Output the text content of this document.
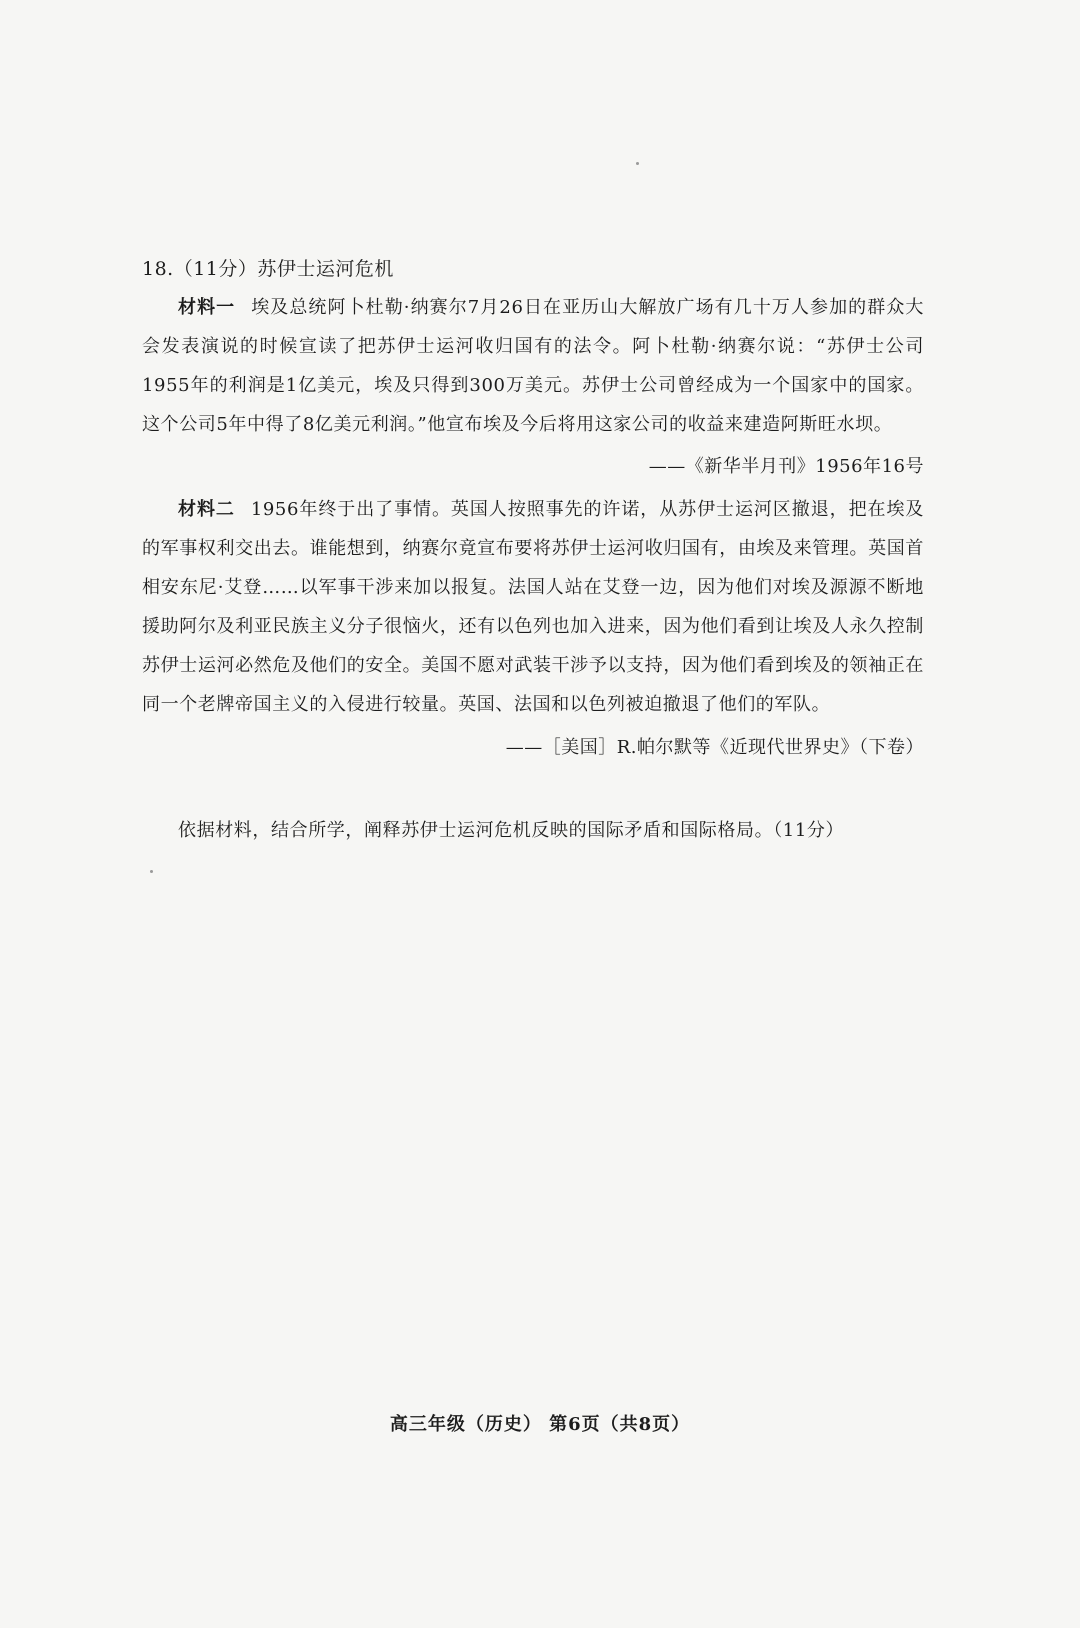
18.（11分）苏伊士运河危机
材料一 埃及总统阿卜杜勒·纳赛尔7月26日在亚历山大解放广场有几十万人参加的群众大会发表演说的时候宣读了把苏伊士运河收归国有的法令。阿卜杜勒·纳赛尔说：“苏伊士公司1955年的利润是1亿美元，埃及只得到300万美元。苏伊士公司曾经成为一个国家中的国家。这个公司5年中得了8亿美元利润。”他宣布埃及今后将用这家公司的收益来建造阿斯旺水坝。
——《新华半月刊》1956年16号
材料二 1956年终于出了事情。英国人按照事先的许诺，从苏伊士运河区撤退，把在埃及的军事权利交出去。谁能想到，纳赛尔竟宣布要将苏伊士运河收归国有，由埃及来管理。英国首相安东尼·艾登……以军事干涉来加以报复。法国人站在艾登一边，因为他们对埃及源源不断地援助阿尔及利亚民族主义分子很恼火，还有以色列也加入进来，因为他们看到让埃及人永久控制苏伊士运河必然危及他们的安全。美国不愿对武装干涉予以支持，因为他们看到埃及的领袖正在同一个老牌帝国主义的入侵进行较量。英国、法国和以色列被迫撤退了他们的军队。
——［美国］R.帕尔默等《近现代世界史》（下卷）
依据材料，结合所学，阐释苏伊士运河危机反映的国际矛盾和国际格局。（11分）
高三年级（历史） 第6页（共8页）
